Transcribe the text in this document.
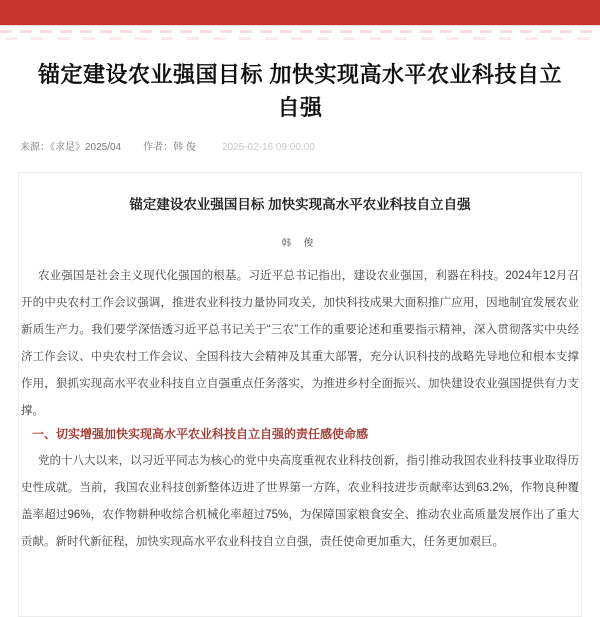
锚定建设农业强国目标 加快实现高水平农业科技自立自强
来源：《求是》2025/04 作者：韩 俊	2025-02-16 09:00:00
锚定建设农业强国目标 加快实现高水平农业科技自立自强
韩 俊

农业强国是社会主义现代化强国的根基。习近平总书记指出，建设农业强国，利器在科技。2024年12月召开的中央农村工作会议强调，推进农业科技力量协同攻关，加快科技成果大面积推广应用，因地制宜发展农业新质生产力。我们要学深悟透习近平总书记关于“三农”工作的重要论述和重要指示精神，深入贯彻落实中央经济工作会议、中央农村工作会议、全国科技大会精神及其重大部署，充分认识科技的战略先导地位和根本支撑作用，狠抓实现高水平农业科技自立自强重点任务落实，为推进乡村全面振兴、加快建设农业强国提供有力支撑。

一、切实增强加快实现高水平农业科技自立自强的责任感使命感

党的十八大以来，以习近平同志为核心的党中央高度重视农业科技创新，指引推动我国农业科技事业取得历史性成就。当前，我国农业科技创新整体迈进了世界第一方阵，农业科技进步贡献率达到63.2%，作物良种覆盖率超过96%，农作物耕种收综合机械化率超过75%，为保障国家粮食安全、推动农业高质量发展作出了重大贡献。新时代新征程，加快实现高水平农业科技自立自强，责任使命更加重大，任务更加艰巨。
